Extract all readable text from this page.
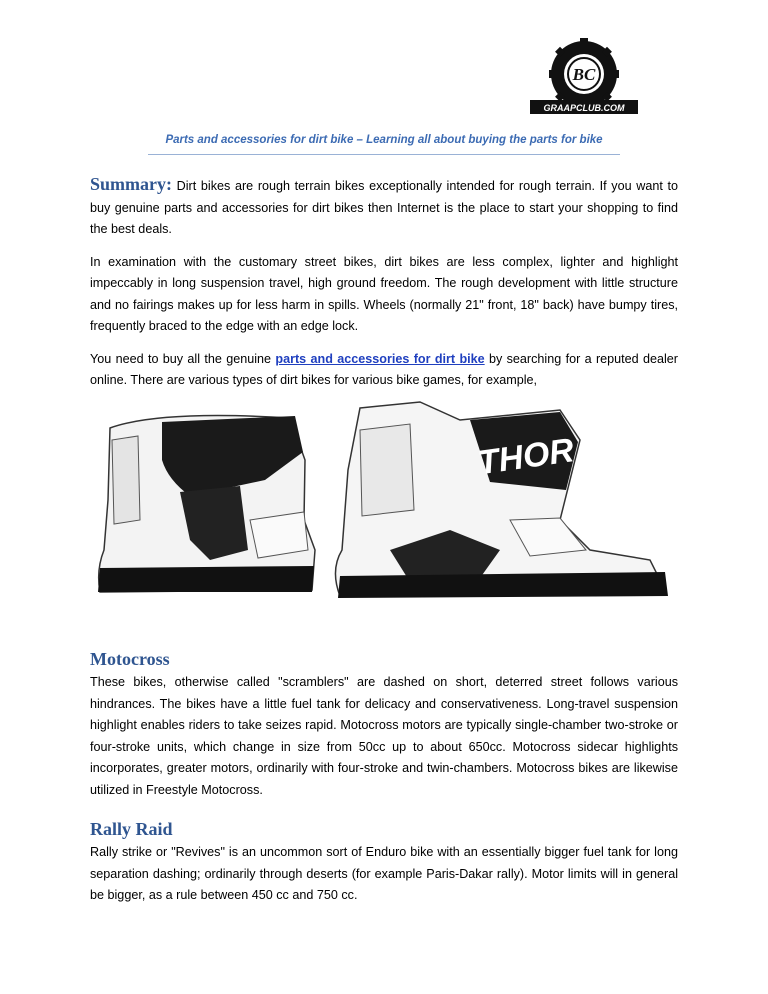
BC
GRAAPCLUB.COM
Parts and accessories for dirt bike – Learning all about buying the parts for bike

Summary: Dirt bikes are rough terrain bikes exceptionally intended for rough terrain. If you want to buy genuine parts and accessories for dirt bikes then Internet is the place to start your shopping to find the best deals.

In examination with the customary street bikes, dirt bikes are less complex, lighter and highlight impeccably in long suspension travel, high ground freedom. The rough development with little structure and no fairings makes up for less harm in spills. Wheels (normally 21" front, 18" back) have bumpy tires, frequently braced to the edge with an edge lock.

You need to buy all the genuine parts and accessories for dirt bike by searching for a reputed dealer online. There are various types of dirt bikes for various bike games, for example,

THOR
Motocross

These bikes, otherwise called "scramblers" are dashed on short, deterred street follows various hindrances. The bikes have a little fuel tank for delicacy and conservativeness. Long-travel suspension highlight enables riders to take seizes rapid. Motocross motors are typically single-chamber two-stroke or four-stroke units, which change in size from 50cc up to about 650cc. Motocross sidecar highlights incorporates, greater motors, ordinarily with four-stroke and twin-chambers. Motocross bikes are likewise utilized in Freestyle Motocross.

Rally Raid

Rally strike or "Revives" is an uncommon sort of Enduro bike with an essentially bigger fuel tank for long separation dashing; ordinarily through deserts (for example Paris-Dakar rally). Motor limits will in general be bigger, as a rule between 450 cc and 750 cc.
